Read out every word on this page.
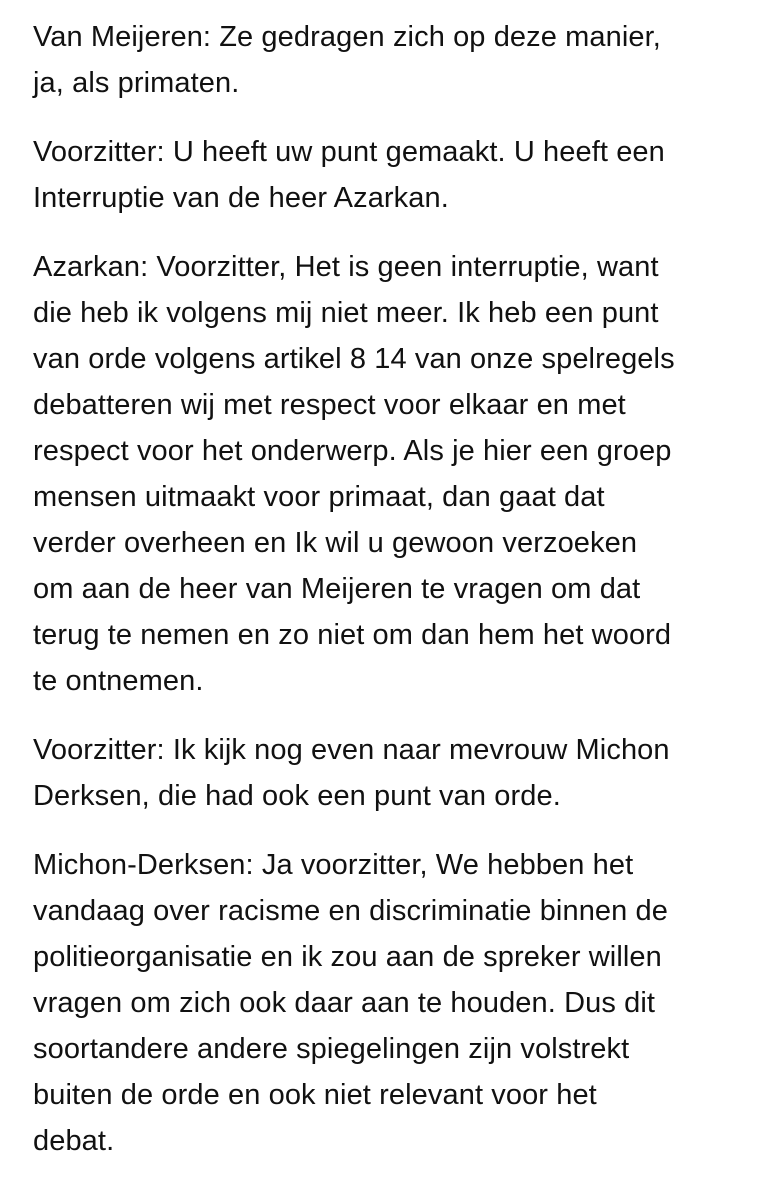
Van Meijeren: Ze gedragen zich op deze manier,
ja, als primaten.

Voorzitter: U heeft uw punt gemaakt. U heeft een
Interruptie van de heer Azarkan.

Azarkan: Voorzitter, Het is geen interruptie, want
die heb ik volgens mij niet meer. Ik heb een punt
van orde volgens artikel 8 14 van onze spelregels
debatteren wij met respect voor elkaar en met
respect voor het onderwerp. Als je hier een groep
mensen uitmaakt voor primaat, dan gaat dat
verder overheen en Ik wil u gewoon verzoeken
om aan de heer van Meijeren te vragen om dat
terug te nemen en zo niet om dan hem het woord
te ontnemen.

Voorzitter: Ik kijk nog even naar mevrouw Michon
Derksen, die had ook een punt van orde.

Michon-Derksen: Ja voorzitter, We hebben het
vandaag over racisme en discriminatie binnen de
politieorganisatie en ik zou aan de spreker willen
vragen om zich ook daar aan te houden. Dus dit
soortandere andere spiegelingen zijn volstrekt
buiten de orde en ook niet relevant voor het
debat.
